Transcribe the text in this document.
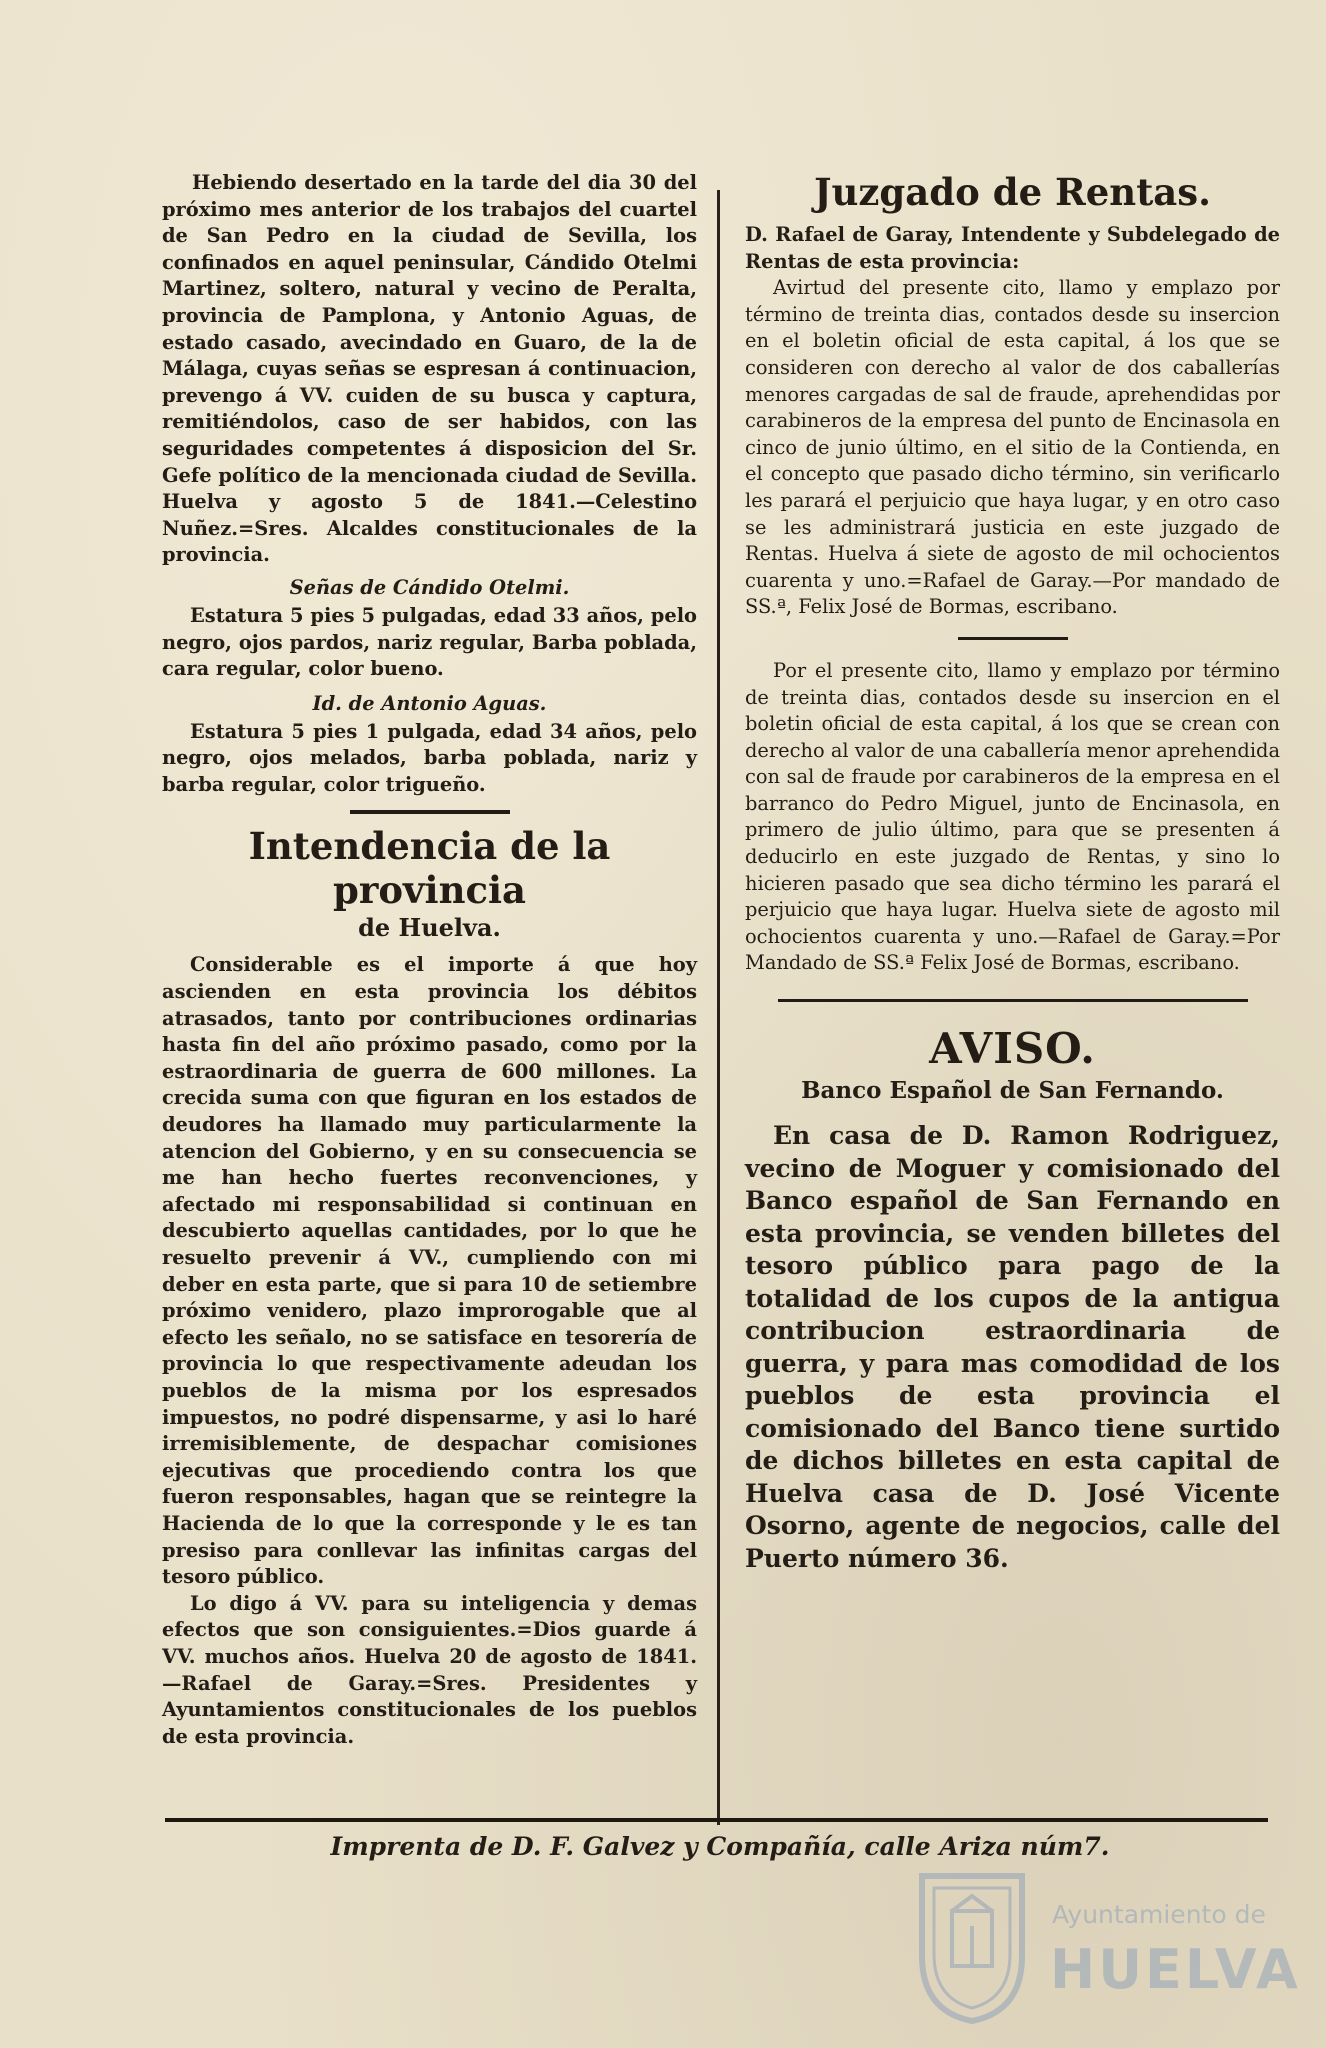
Hebiendo desertado en la tarde del dia 30 del próximo mes anterior de los trabajos del cuartel de San Pedro en la ciudad de Sevilla, los confinados en aquel peninsular, Cándido Otelmi Martinez, soltero, natural y vecino de Peralta, provincia de Pamplona, y Antonio Aguas, de estado casado, avecindado en Guaro, de la de Málaga, cuyas señas se espresan á continuacion, prevengo á VV. cuiden de su busca y captura, remitiéndolos, caso de ser habidos, con las seguridades competentes á disposicion del Sr. Gefe político de la mencionada ciudad de Sevilla. Huelva y agosto 5 de 1841.—Celestino Nuñez.=Sres. Alcaldes constitucionales de la provincia.

Señas de Cándido Otelmi.

Estatura 5 pies 5 pulgadas, edad 33 años, pelo negro, ojos pardos, nariz regular, Barba poblada, cara regular, color bueno.

Id. de Antonio Aguas.

Estatura 5 pies 1 pulgada, edad 34 años, pelo negro, ojos melados, barba poblada, nariz y barba regular, color trigueño.

Intendencia de la provincia

de Huelva.

Considerable es el importe á que hoy ascienden en esta provincia los débitos atrasados, tanto por contribuciones ordinarias hasta fin del año próximo pasado, como por la estraordinaria de guerra de 600 millones. La crecida suma con que figuran en los estados de deudores ha llamado muy particularmente la atencion del Gobierno, y en su consecuencia se me han hecho fuertes reconvenciones, y afectado mi responsabilidad si continuan en descubierto aquellas cantidades, por lo que he resuelto prevenir á VV., cumpliendo con mi deber en esta parte, que si para 10 de setiembre próximo venidero, plazo improrogable que al efecto les señalo, no se satisface en tesorería de provincia lo que respectivamente adeudan los pueblos de la misma por los espresados impuestos, no podré dispensarme, y asi lo haré irremisiblemente, de despachar comisiones ejecutivas que procediendo contra los que fueron responsables, hagan que se reintegre la Hacienda de lo que la corresponde y le es tan presiso para conllevar las infinitas cargas del tesoro público.

Lo digo á VV. para su inteligencia y demas efectos que son consiguientes.=Dios guarde á VV. muchos años. Huelva 20 de agosto de 1841.—Rafael de Garay.=Sres. Presidentes y Ayuntamientos constitucionales de los pueblos de esta provincia.

Juzgado de Rentas.

D. Rafael de Garay, Intendente y Subdelegado de Rentas de esta provincia:

Avirtud del presente cito, llamo y emplazo por término de treinta dias, contados desde su insercion en el boletin oficial de esta capital, á los que se consideren con derecho al valor de dos caballerías menores cargadas de sal de fraude, aprehendidas por carabineros de la empresa del punto de Encinasola en cinco de junio último, en el sitio de la Contienda, en el concepto que pasado dicho término, sin verificarlo les parará el perjuicio que haya lugar, y en otro caso se les administrará justicia en este juzgado de Rentas. Huelva á siete de agosto de mil ochocientos cuarenta y uno.=Rafael de Garay.—Por mandado de SS.ª, Felix José de Bormas, escribano.

Por el presente cito, llamo y emplazo por término de treinta dias, contados desde su insercion en el boletin oficial de esta capital, á los que se crean con derecho al valor de una caballería menor aprehendida con sal de fraude por carabineros de la empresa en el barranco do Pedro Miguel, junto de Encinasola, en primero de julio último, para que se presenten á deducirlo en este juzgado de Rentas, y sino lo hicieren pasado que sea dicho término les parará el perjuicio que haya lugar. Huelva siete de agosto mil ochocientos cuarenta y uno.—Rafael de Garay.=Por Mandado de SS.ª Felix José de Bormas, escribano.

AVISO.

Banco Español de San Fernando.

En casa de D. Ramon Rodriguez, vecino de Moguer y comisionado del Banco español de San Fernando en esta provincia, se venden billetes del tesoro público para pago de la totalidad de los cupos de la antigua contribucion estraordinaria de guerra, y para mas comodidad de los pueblos de esta provincia el comisionado del Banco tiene surtido de dichos billetes en esta capital de Huelva casa de D. José Vicente Osorno, agente de negocios, calle del Puerto número 36.

Imprenta de D. F. Galvez y Compañía, calle Ariza núm7.

Ayuntamiento de
HUELVA
